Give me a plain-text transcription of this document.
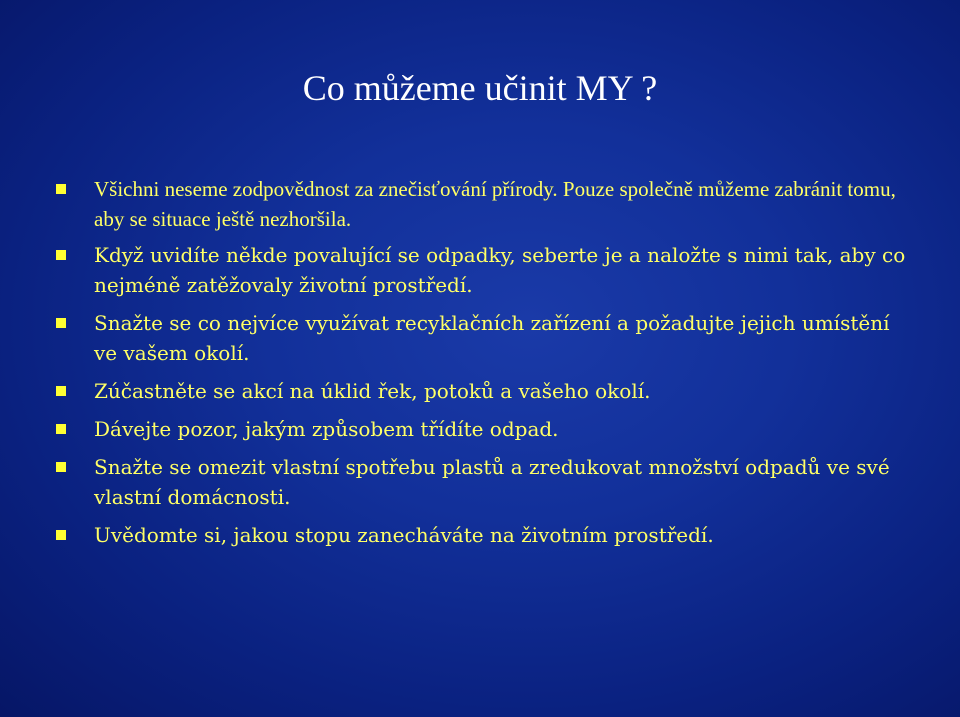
Co můžeme učinit MY ?
Všichni neseme zodpovědnost za znečisťování přírody. Pouze společně můžeme zabránit tomu, aby se situace ještě nezhoršila.
Když uvidíte někde povalující se odpadky, seberte je a naložte s nimi tak, aby co nejméně zatěžovaly životní prostředí.
Snažte se co nejvíce využívat recyklačních zařízení a požadujte jejich umístění ve vašem okolí.
Zúčastněte se akcí na úklid řek, potoků a vašeho okolí.
Dávejte pozor, jakým způsobem třídíte odpad.
Snažte se omezit vlastní spotřebu plastů a zredukovat množství odpadů ve své vlastní domácnosti.
Uvědomte si, jakou stopu zanecháváte na životním prostředí.
